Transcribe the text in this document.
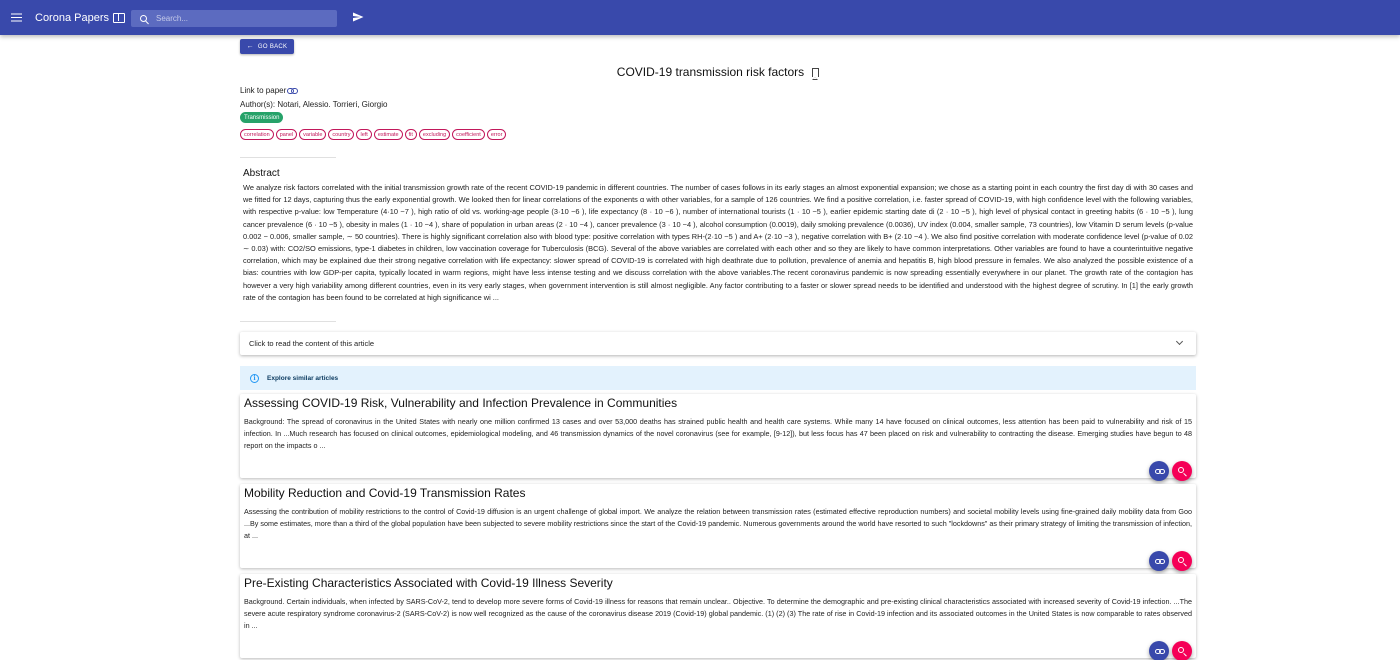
Corona Papers
Search...
← GO BACK
COVID-19 transmission risk factors
Link to paper
Author(s): Notari, Alessio. Torrieri, Giorgio
Transmission
correlation	panel	variable	country	left	estimate	fit	excluding	coefficient	error
Abstract
We analyze risk factors correlated with the initial transmission growth rate of the recent COVID-19 pandemic in different countries. The number of cases follows in its early stages an almost exponential expansion; we chose as a starting point in each country the first day di with 30 cases and we fitted for 12 days, capturing thus the early exponential growth. We looked then for linear correlations of the exponents α with other variables, for a sample of 126 countries. We find a positive correlation, i.e. faster spread of COVID-19, with high confidence level with the following variables, with respective p-value: low Temperature (4·10 −7 ), high ratio of old vs. working-age people (3·10 −6 ), life expectancy (8 · 10 −6 ), number of international tourists (1 · 10 −5 ), earlier epidemic starting date di (2 · 10 −5 ), high level of physical contact in greeting habits (6 · 10 −5 ), lung cancer prevalence (6 · 10 −5 ), obesity in males (1 · 10 −4 ), share of population in urban areas (2 · 10 −4 ), cancer prevalence (3 · 10 −4 ), alcohol consumption (0.0019), daily smoking prevalence (0.0036), UV index (0.004, smaller sample, 73 countries), low Vitamin D serum levels (p-value 0.002 − 0.006, smaller sample, ∼ 50 countries). There is highly significant correlation also with blood type: positive correlation with types RH-(2·10 −5 ) and A+ (2·10 −3 ), negative correlation with B+ (2·10 −4 ). We also find positive correlation with moderate confidence level (p-value of 0.02 ∼ 0.03) with: CO2/SO emissions, type-1 diabetes in children, low vaccination coverage for Tuberculosis (BCG). Several of the above variables are correlated with each other and so they are likely to have common interpretations. Other variables are found to have a counterintuitive negative correlation, which may be explained due their strong negative correlation with life expectancy: slower spread of COVID-19 is correlated with high deathrate due to pollution, prevalence of anemia and hepatitis B, high blood pressure in females. We also analyzed the possible existence of a bias: countries with low GDP-per capita, typically located in warm regions, might have less intense testing and we discuss correlation with the above variables.The recent coronavirus pandemic is now spreading essentially everywhere in our planet. The growth rate of the contagion has however a very high variability among different countries, even in its very early stages, when government intervention is still almost negligible. Any factor contributing to a faster or slower spread needs to be identified and understood with the highest degree of scrutiny. In [1] the early growth rate of the contagion has been found to be correlated at high significance wi ...
Click to read the content of this article
i	Explore similar articles
Assessing COVID-19 Risk, Vulnerability and Infection Prevalence in Communities
Background: The spread of coronavirus in the United States with nearly one million confirmed 13 cases and over 53,000 deaths has strained public health and health care systems. While many 14 have focused on clinical outcomes, less attention has been paid to vulnerability and risk of 15 infection. In ...Much research has focused on clinical outcomes, epidemiological modeling, and 46 transmission dynamics of the novel coronavirus (see for example, [9-12]), but less focus has 47 been placed on risk and vulnerability to contracting the disease. Emerging studies have begun to 48 report on the impacts o ...
Mobility Reduction and Covid-19 Transmission Rates
Assessing the contribution of mobility restrictions to the control of Covid-19 diffusion is an urgent challenge of global import. We analyze the relation between transmission rates (estimated effective reproduction numbers) and societal mobility levels using fine-grained daily mobility data from Goo ...By some estimates, more than a third of the global population have been subjected to severe mobility restrictions since the start of the Covid-19 pandemic. Numerous governments around the world have resorted to such "lockdowns" as their primary strategy of limiting the transmission of infection, at ...
Pre-Existing Characteristics Associated with Covid-19 Illness Severity
Background. Certain individuals, when infected by SARS-CoV-2, tend to develop more severe forms of Covid-19 illness for reasons that remain unclear.. Objective. To determine the demographic and pre-existing clinical characteristics associated with increased severity of Covid-19 infection. ...The severe acute respiratory syndrome coronavirus-2 (SARS-CoV-2) is now well recognized as the cause of the coronavirus disease 2019 (Covid-19) global pandemic. (1) (2) (3) The rate of rise in Covid-19 infection and its associated outcomes in the United States is now comparable to rates observed in ...
